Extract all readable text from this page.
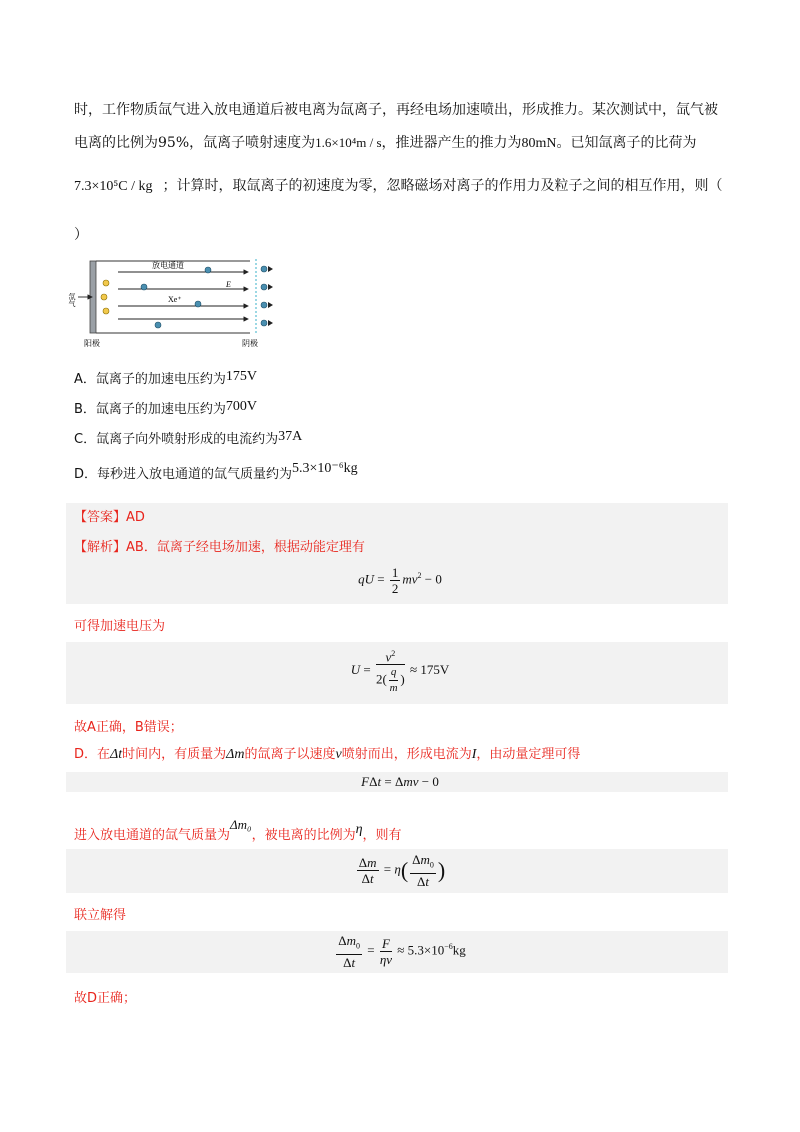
时，工作物质氙气进入放电通道后被电离为氙离子，再经电场加速喷出，形成推力。某次测试中，氙气被
电离的比例为95%，氙离子喷射速度为1.6×10⁴m / s，推进器产生的推力为80mN。已知氙离子的比荷为
7.3×10⁵C / kg ；计算时，取氙离子的初速度为零，忽略磁场对离子的作用力及粒子之间的相互作用，则（
）
放电通道
E
Xe⁺
氙气
阳极	阴极
A．氙离子的加速电压约为175V
B．氙离子的加速电压约为700V
C．氙离子向外喷射形成的电流约为37A
D．每秒进入放电通道的氙气质量约为5.3×10⁻⁶kg
【答案】AD
【解析】AB．氙离子经电场加速，根据动能定理有
qU = $\frac{1}{2} mv^2 - 0$
可得加速电压为
$U = \frac{v^2}{2( \frac{q}{m} )} \approx 175V$
故A正确，B错误；
D．在Δt时间内，有质量为Δm的氙离子以速度v喷射而出，形成电流为I，由动量定理可得
FΔt = Δmv − 0
进入放电通道的氙气质量为Δm₀，被电离的比例为η，则有
$\frac{\Delta m}{\Delta t} = \eta( \frac{\Delta m_0}{\Delta t}$ )
联立解得
$\frac{\Delta m_0}{\Delta t} = \frac{F}{\eta v} \approx 5.3\times 10^{-6}kg$
故D正确；
